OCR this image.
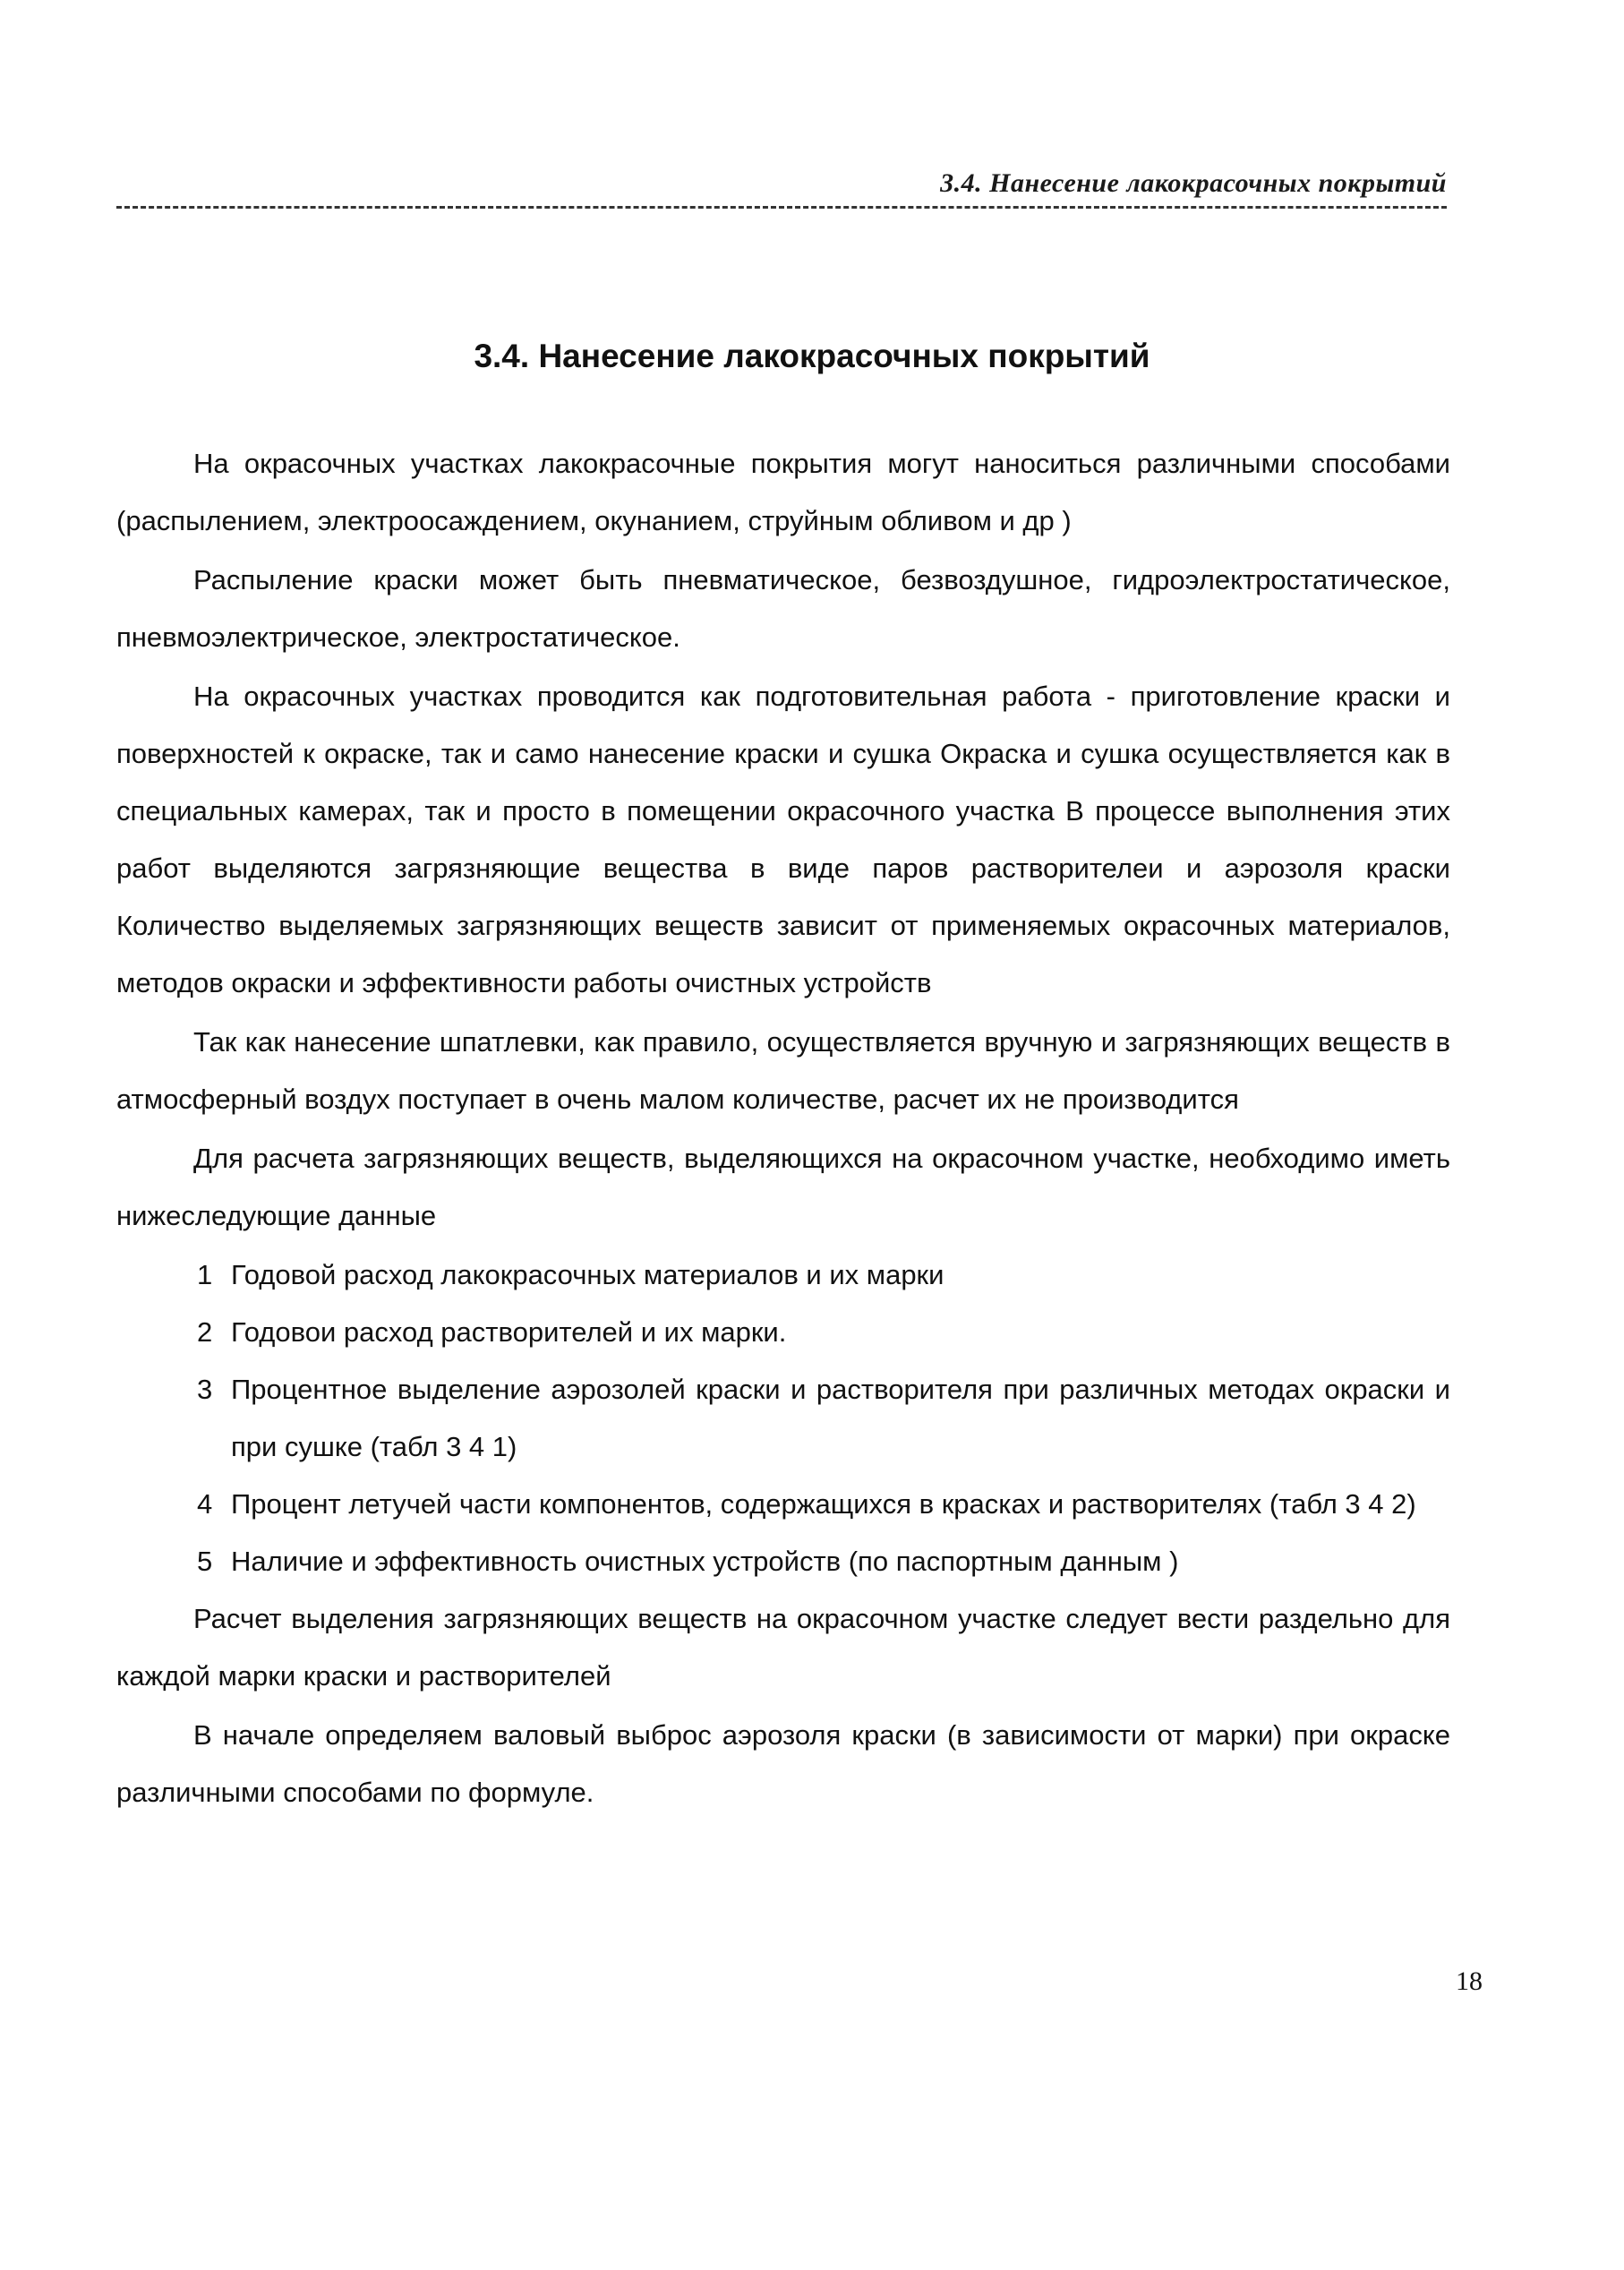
3.4. Нанесение лакокрасочных покрытий
3.4. Нанесение лакокрасочных покрытий

На окрасочных участках лакокрасочные покрытия могут наноситься различными способами (распылением, электроосаждением, окунанием, струйным обливом и др )

Распыление краски может быть пневматическое, безвоздушное, гидроэлектростатическое, пневмоэлектрическое, электростатическое.

На окрасочных участках проводится как подготовительная работа - приготовление краски и поверхностей к окраске, так и само нанесение краски и сушка Окраска и сушка осуществляется как в специальных камерах, так и просто в помещении окрасочного участка В процессе выполнения этих работ выделяются загрязняющие вещества в виде паров растворителеи и аэрозоля краски Количество выделяемых загрязняющих веществ зависит от применяемых окрасочных материалов, методов окраски и эффективности работы очистных устройств

Так как нанесение шпатлевки, как правило, осуществляется вручную и загрязняющих веществ в атмосферный воздух поступает в очень малом количестве, расчет их не производится

Для расчета загрязняющих веществ, выделяющихся на окрасочном участке, необходимо иметь нижеследующие данные

1 Годовой расход лакокрасочных материалов и их марки
2 Годовои расход растворителей и их марки.
3 Процентное выделение аэрозолей краски и растворителя при различных методах окраски и при сушке (табл 3 4 1)
4 Процент летучей части компонентов, содержащихся в красках и растворителях (табл 3 4 2)
5 Наличие и эффективность очистных устройств (по паспортным данным )

Расчет выделения загрязняющих веществ на окрасочном участке следует вести раздельно для каждой марки краски и растворителей

В начале определяем валовый выброс аэрозоля краски (в зависимости от марки) при окраске различными способами по формуле.

18
